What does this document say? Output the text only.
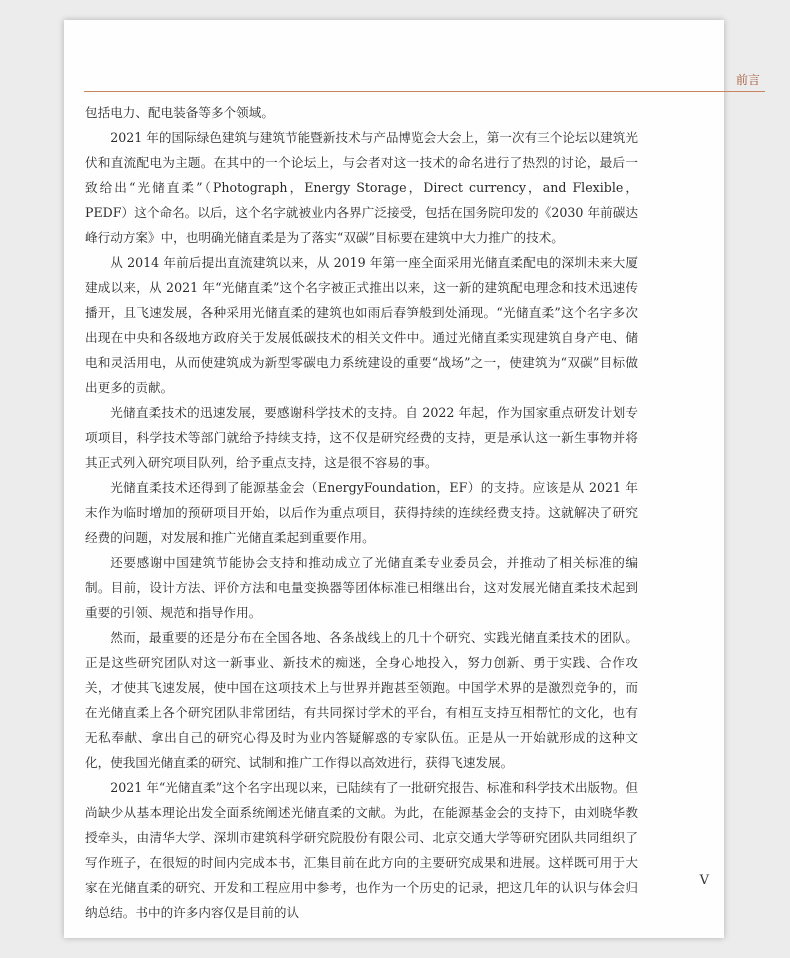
前言

包括电力、配电装备等多个领域。

2021 年的国际绿色建筑与建筑节能暨新技术与产品博览会大会上，第一次有三个论坛以建筑光伏和直流配电为主题。在其中的一个论坛上，与会者对这一技术的命名进行了热烈的讨论，最后一致给出“光储直柔”（Photograph，Energy Storage，Direct currency，and Flexible，PEDF）这个命名。以后，这个名字就被业内各界广泛接受，包括在国务院印发的《2030 年前碳达峰行动方案》中，也明确光储直柔是为了落实“双碳”目标要在建筑中大力推广的技术。

从 2014 年前后提出直流建筑以来，从 2019 年第一座全面采用光储直柔配电的深圳未来大厦建成以来，从 2021 年“光储直柔”这个名字被正式推出以来，这一新的建筑配电理念和技术迅速传播开，且飞速发展，各种采用光储直柔的建筑也如雨后春笋般到处涌现。“光储直柔”这个名字多次出现在中央和各级地方政府关于发展低碳技术的相关文件中。通过光储直柔实现建筑自身产电、储电和灵活用电，从而使建筑成为新型零碳电力系统建设的重要“战场”之一，使建筑为“双碳”目标做出更多的贡献。

光储直柔技术的迅速发展，要感谢科学技术的支持。自 2022 年起，作为国家重点研发计划专项项目，科学技术等部门就给予持续支持，这不仅是研究经费的支持，更是承认这一新生事物并将其正式列入研究项目队列，给予重点支持，这是很不容易的事。

光储直柔技术还得到了能源基金会（EnergyFoundation，EF）的支持。应该是从 2021 年末作为临时增加的预研项目开始，以后作为重点项目，获得持续的连续经费支持。这就解决了研究经费的问题，对发展和推广光储直柔起到重要作用。

还要感谢中国建筑节能协会支持和推动成立了光储直柔专业委员会，并推动了相关标准的编制。目前，设计方法、评价方法和电量变换器等团体标准已相继出台，这对发展光储直柔技术起到重要的引领、规范和指导作用。

然而，最重要的还是分布在全国各地、各条战线上的几十个研究、实践光储直柔技术的团队。正是这些研究团队对这一新事业、新技术的痴迷，全身心地投入，努力创新、勇于实践、合作攻关，才使其飞速发展，使中国在这项技术上与世界并跑甚至领跑。中国学术界的是激烈竞争的，而在光储直柔上各个研究团队非常团结，有共同探讨学术的平台，有相互支持互相帮忙的文化，也有无私奉献、拿出自己的研究心得及时为业内答疑解惑的专家队伍。正是从一开始就形成的这种文化，使我国光储直柔的研究、试制和推广工作得以高效进行，获得飞速发展。

2021 年“光储直柔”这个名字出现以来，已陆续有了一批研究报告、标准和科学技术出版物。但尚缺少从基本理论出发全面系统阐述光储直柔的文献。为此，在能源基金会的支持下，由刘晓华教授牵头，由清华大学、深圳市建筑科学研究院股份有限公司、北京交通大学等研究团队共同组织了写作班子，在很短的时间内完成本书，汇集目前在此方向的主要研究成果和进展。这样既可用于大家在光储直柔的研究、开发和工程应用中参考，也作为一个历史的记录，把这几年的认识与体会归纳总结。书中的许多内容仅是目前的认

V
